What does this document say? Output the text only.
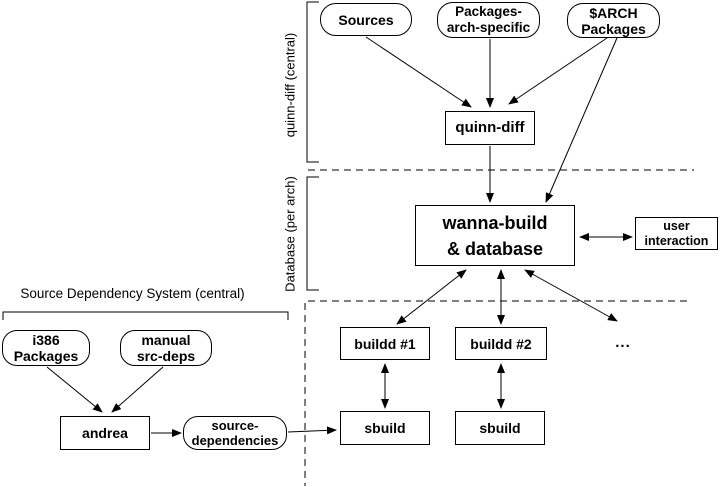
quinn-diff (central)
Database (per arch)
Source Dependency System (central)
Sources	Packages-
arch-specific
$ARCH
Packages
quinn-diff
wanna-build
& database
user
interaction
buildd #1	buildd #2	...
sbuild	sbuild
i386
Packages
manual
src-deps
andrea	source-
dependencies
